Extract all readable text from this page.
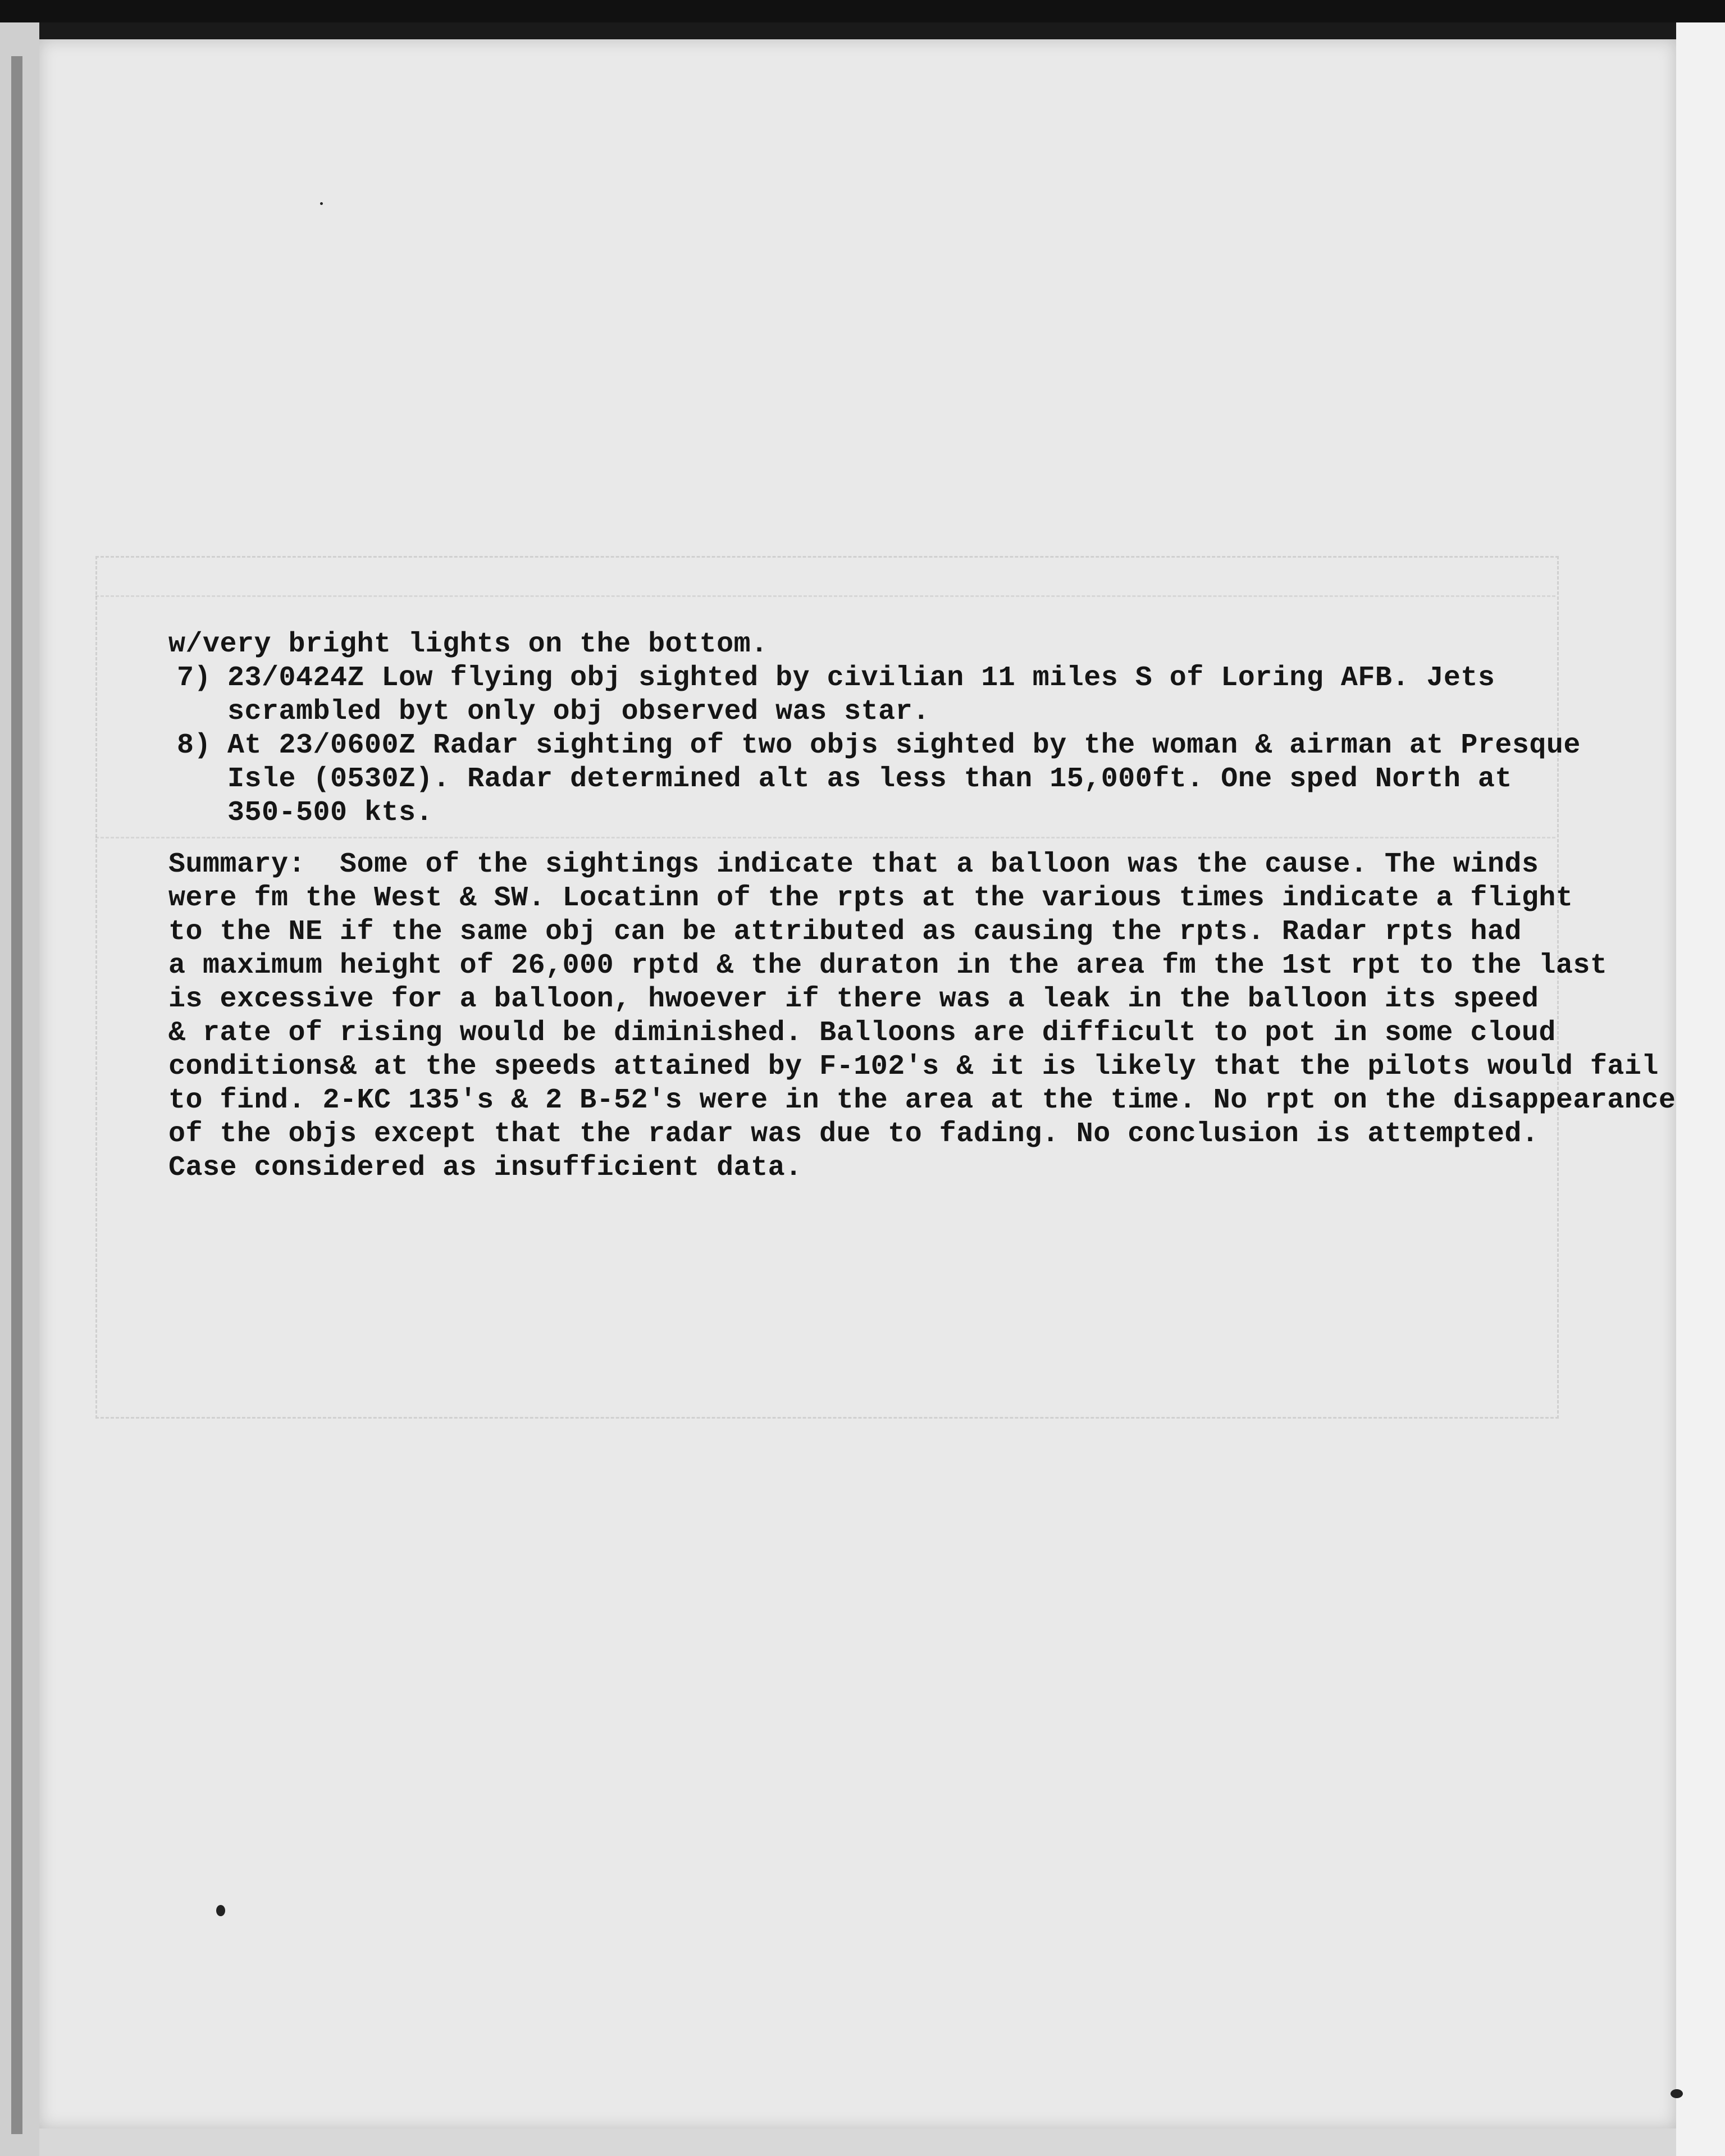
w/very bright lights on the bottom.
7) 23/0424Z Low flying obj sighted by civilian 11 miles S of Loring AFB. Jets
scrambled byt only obj observed was star.
8) At 23/0600Z Radar sighting of two objs sighted by the woman & airman at Presque
Isle (0530Z). Radar determined alt as less than 15,000ft. One sped North at
350-500 kts.
Summary:  Some of the sightings indicate that a balloon was the cause. The winds
were fm the West & SW. Locatinn of the rpts at the various times indicate a flight
to the NE if the same obj can be attributed as causing the rpts. Radar rpts had
a maximum height of 26,000 rptd & the duraton in the area fm the 1st rpt to the last
is excessive for a balloon, hwoever if there was a leak in the balloon its speed
& rate of rising would be diminished. Balloons are difficult to pot in some cloud
conditions& at the speeds attained by F-102's & it is likely that the pilots would fail
to find. 2-KC 135's & 2 B-52's were in the area at the time. No rpt on the disappearance
of the objs except that the radar was due to fading. No conclusion is attempted.
Case considered as insufficient data.
